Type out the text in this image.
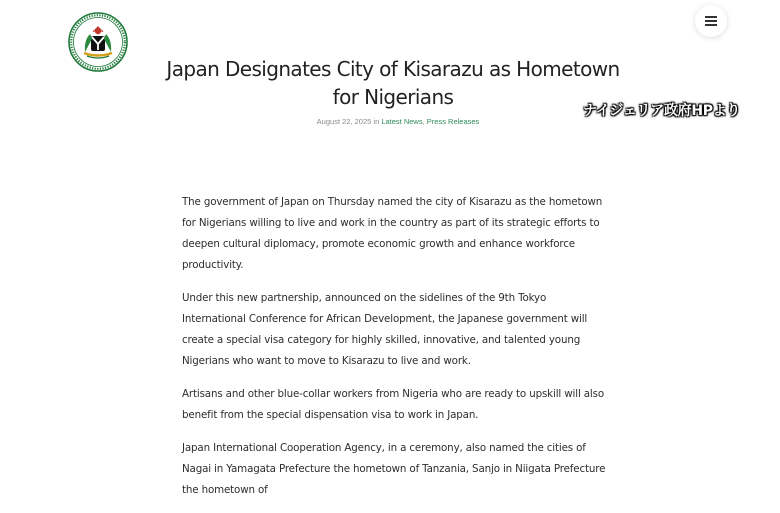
ナイジェリア政府HPより
Japan Designates City of Kisarazu as Hometown for Nigerians
August 22, 2025 in Latest News, Press Releases

The government of Japan on Thursday named the city of Kisarazu as the hometown for Nigerians willing to live and work in the country as part of its strategic efforts to deepen cultural diplomacy, promote economic growth and enhance workforce productivity.

Under this new partnership, announced on the sidelines of the 9th Tokyo International Conference for African Development, the Japanese government will create a special visa category for highly skilled, innovative, and talented young Nigerians who want to move to Kisarazu to live and work.

Artisans and other blue-collar workers from Nigeria who are ready to upskill will also benefit from the special dispensation visa to work in Japan.

Japan International Cooperation Agency, in a ceremony, also named the cities of Nagai in Yamagata Prefecture the hometown of Tanzania, Sanjo in Niigata Prefecture the hometown of
